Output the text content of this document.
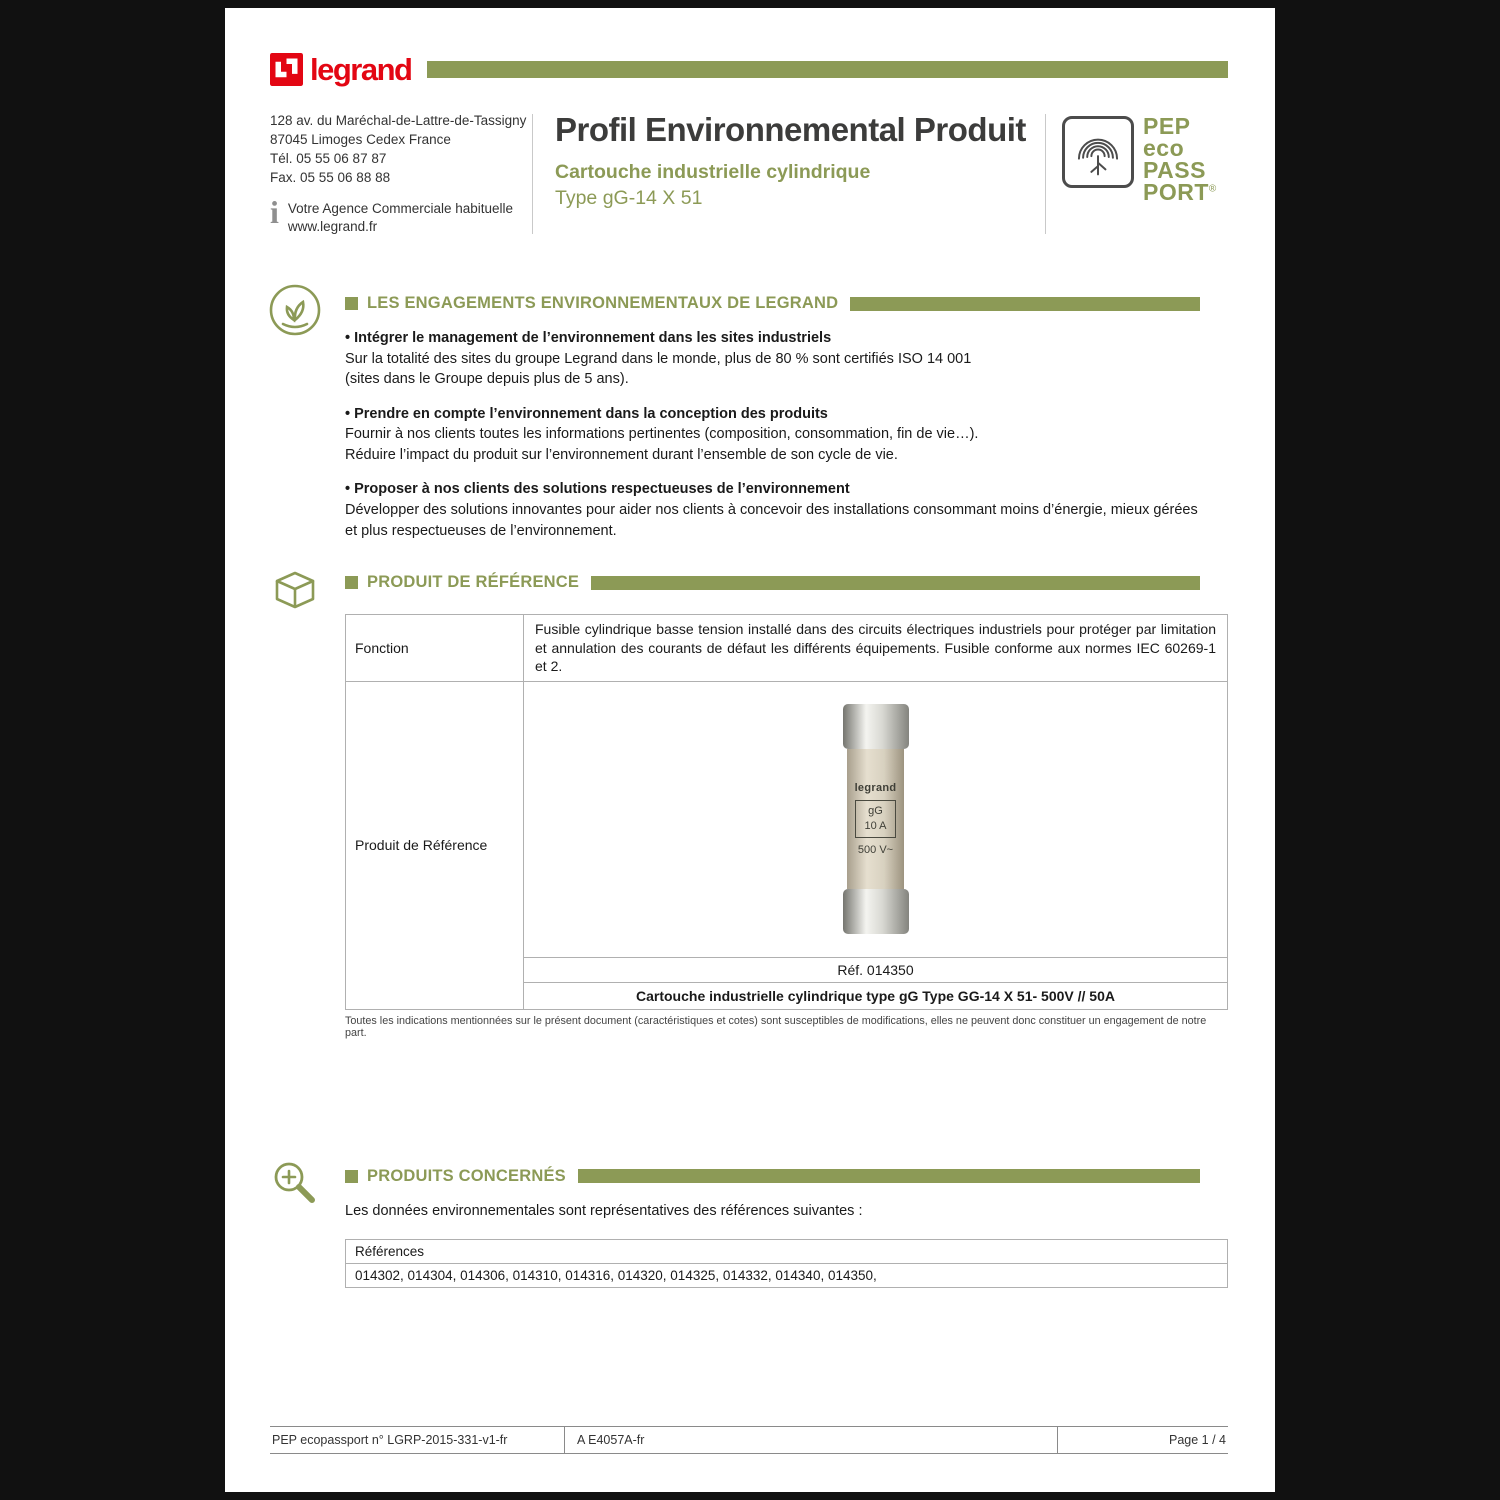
legrand
128 av. du Maréchal-de-Lattre-de-Tassigny
87045 Limoges Cedex France
Tél. 05 55 06 87 87
Fax. 05 55 06 88 88
i Votre Agence Commerciale habituelle
www.legrand.fr
Profil Environnemental Produit
Cartouche industrielle cylindrique
Type gG-14 X 51
PEP
eco
PASS
PORT®
LES ENGAGEMENTS ENVIRONNEMENTAUX DE LEGRAND
• Intégrer le management de l’environnement dans les sites industriels
Sur la totalité des sites du groupe Legrand dans le monde, plus de 80 % sont certifiés ISO 14 001
(sites dans le Groupe depuis plus de 5 ans).
• Prendre en compte l’environnement dans la conception des produits
Fournir à nos clients toutes les informations pertinentes (composition, consommation, fin de vie…).
Réduire l’impact du produit sur l’environnement durant l’ensemble de son cycle de vie.
• Proposer à nos clients des solutions respectueuses de l’environnement
Développer des solutions innovantes pour aider nos clients à concevoir des installations consommant moins d’énergie, mieux gérées
et plus respectueuses de l’environnement.
PRODUIT DE RÉFÉRENCE
Fonction	Fusible cylindrique basse tension installé dans des circuits électriques industriels pour protéger par limitation et annulation des courants de défaut les différents équipements. Fusible conforme aux normes IEC 60269-1 et 2.
Produit de Référence	legrand
gG
10 A
500 V~

	Réf. 014350
	Cartouche industrielle cylindrique type gG Type GG-14 X 51- 500V // 50A
Toutes les indications mentionnées sur le présent document (caractéristiques et cotes) sont susceptibles de modifications, elles ne peuvent donc constituer un engagement de notre part.
PRODUITS CONCERNÉS
Les données environnementales sont représentatives des références suivantes :
Références
014302, 014304, 014306, 014310, 014316, 014320, 014325, 014332, 014340, 014350,
PEP ecopassport n° LGRP-2015-331-v1-fr	A E4057A-fr	Page 1 / 4
